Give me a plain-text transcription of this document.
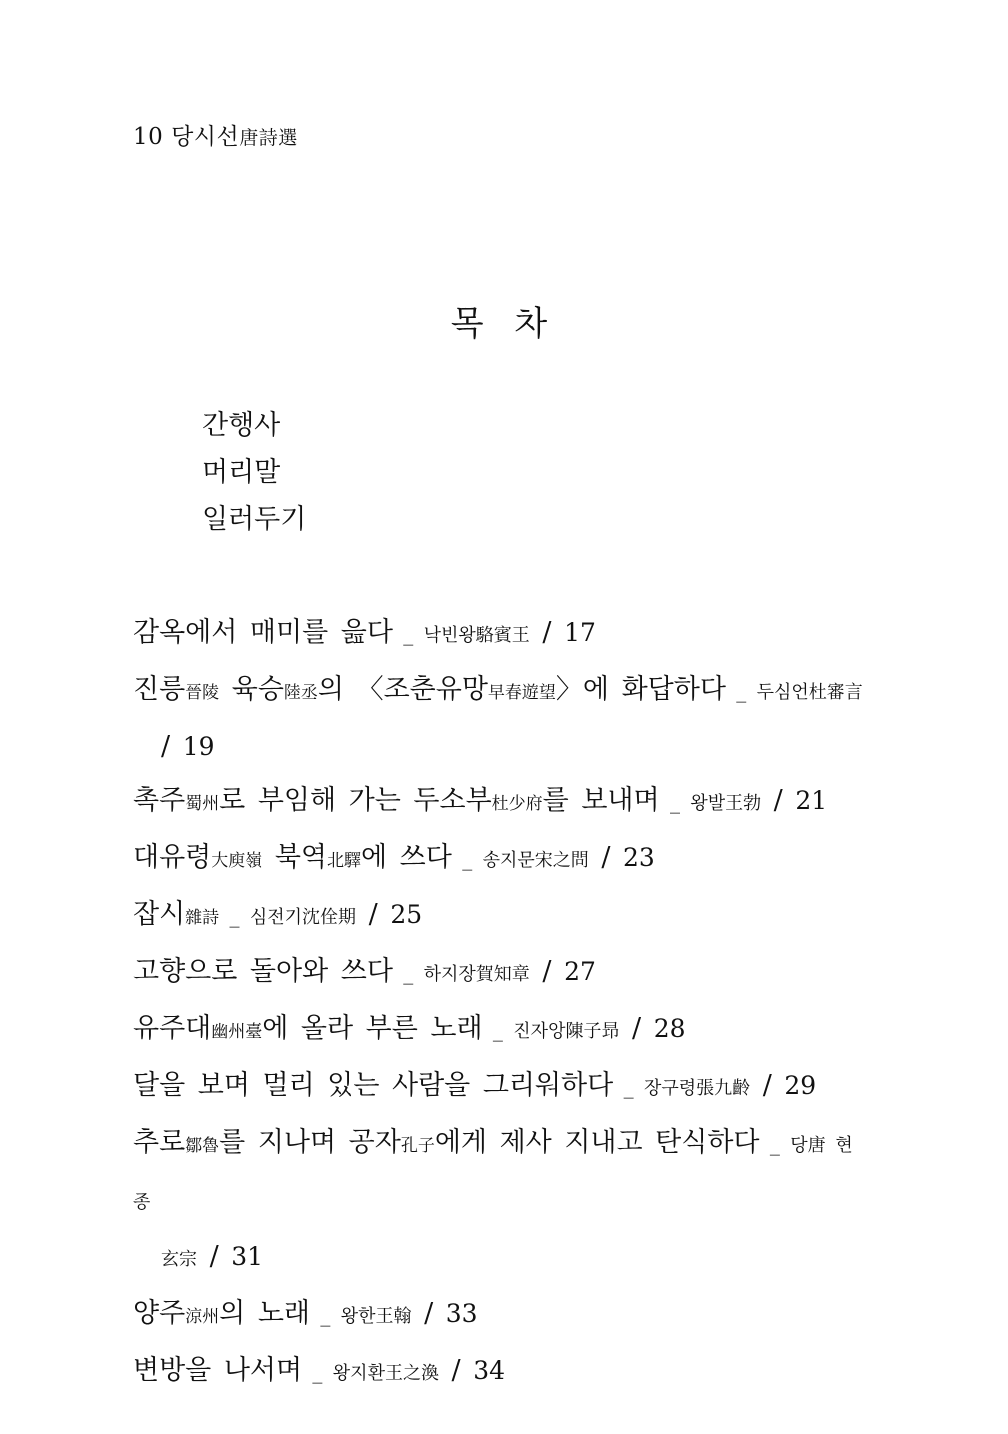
10 당시선唐詩選
목 차
간행사
머리말
일러두기
감옥에서 매미를 읊다 _ 낙빈왕駱賓王 / 17
진릉晉陵 육승陸丞의 〈조춘유망早春遊望〉에 화답하다 _ 두심언杜審言
/ 19
촉주蜀州로 부임해 가는 두소부杜少府를 보내며 _ 왕발王勃 / 21
대유령大庾嶺 북역北驛에 쓰다 _ 송지문宋之問 / 23
잡시雜詩 _ 심전기沈佺期 / 25
고향으로 돌아와 쓰다 _ 하지장賀知章 / 27
유주대幽州臺에 올라 부른 노래 _ 진자앙陳子昻 / 28
달을 보며 멀리 있는 사람을 그리워하다 _ 장구령張九齡 / 29
추로鄒魯를 지나며 공자孔子에게 제사 지내고 탄식하다 _ 당唐 현종
玄宗 / 31
양주涼州의 노래 _ 왕한王翰 / 33
변방을 나서며 _ 왕지환王之渙 / 34
